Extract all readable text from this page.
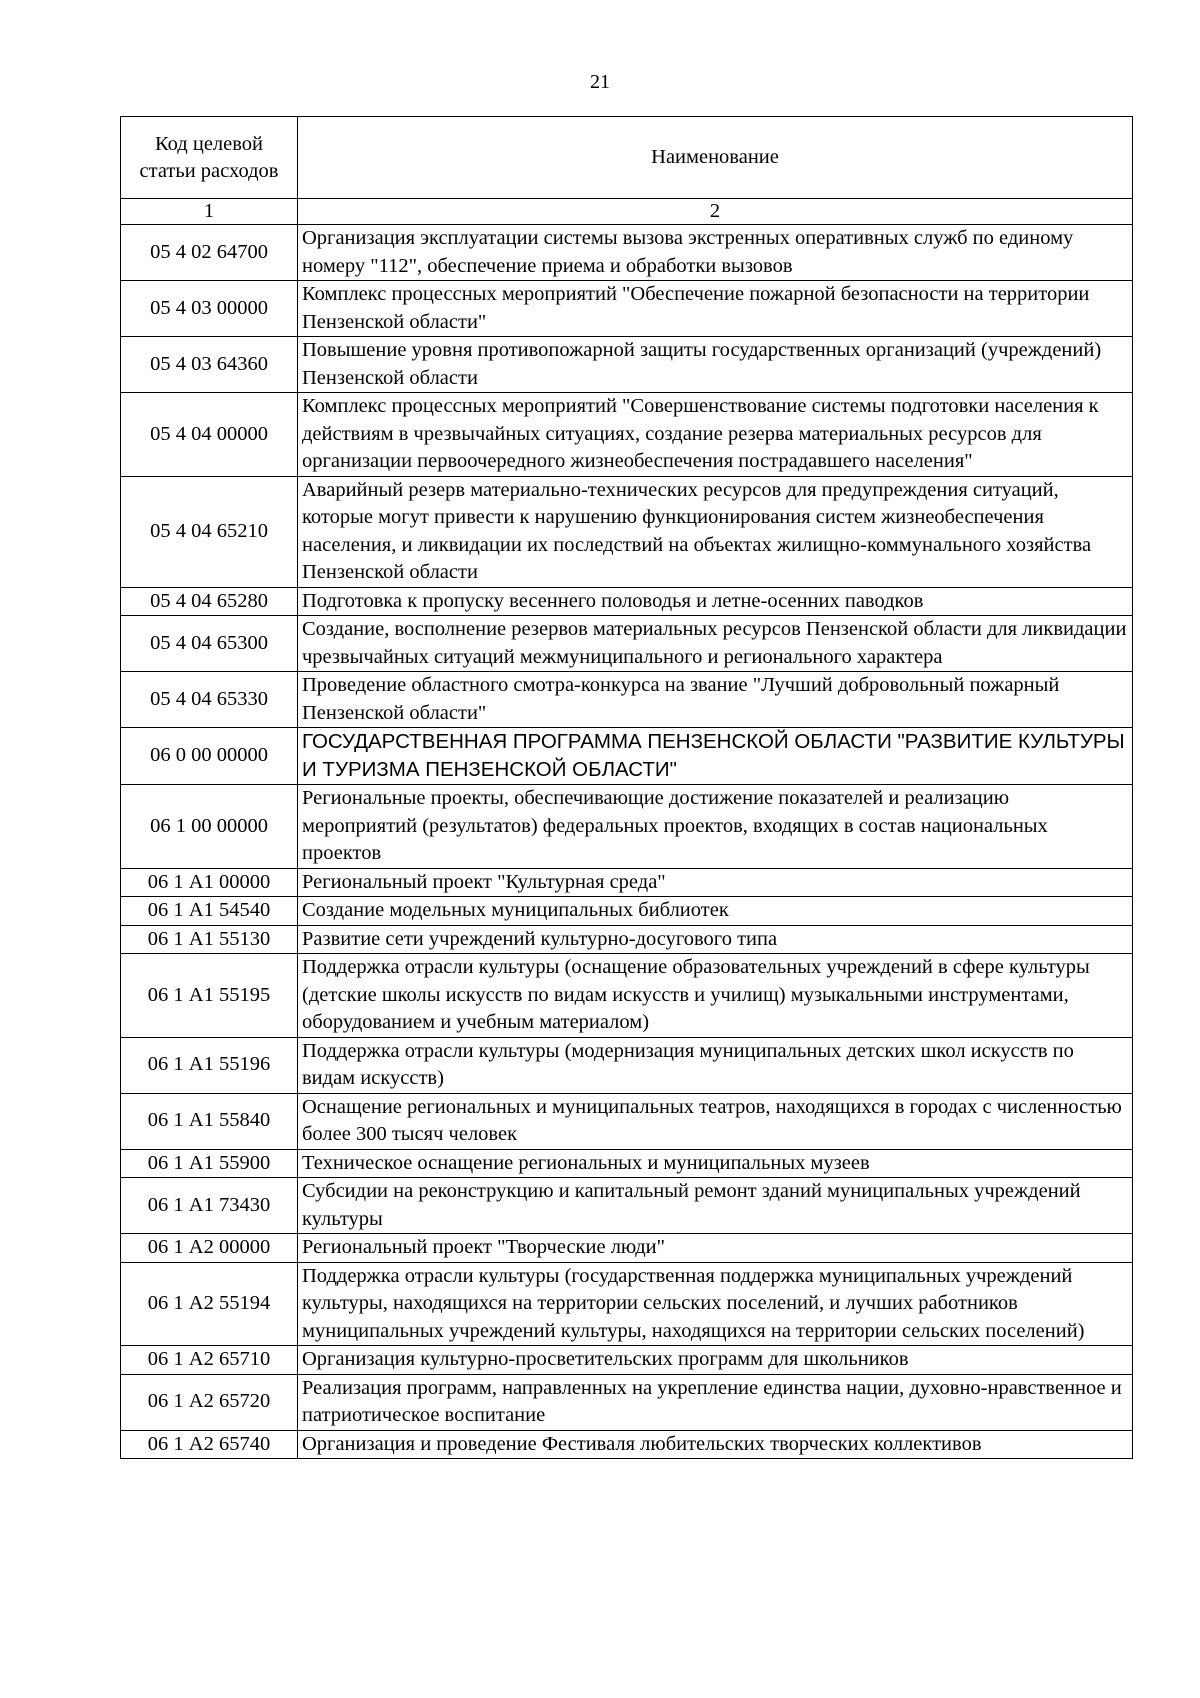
21
Код целевой статьи расходов	Наименование
1	2
05 4 02 64700	Организация эксплуатации системы вызова экстренных оперативных служб по единому номеру "112", обеспечение приема и обработки вызовов
05 4 03 00000	Комплекс процессных мероприятий "Обеспечение пожарной безопасности на территории Пензенской области"
05 4 03 64360	Повышение уровня противопожарной защиты государственных организаций (учреждений) Пензенской области
05 4 04 00000	Комплекс процессных мероприятий "Совершенствование системы подготовки населения к действиям в чрезвычайных ситуациях, создание резерва материальных ресурсов для организации первоочередного жизнеобеспечения пострадавшего населения"
05 4 04 65210	Аварийный резерв материально-технических ресурсов для предупреждения ситуаций, которые могут привести к нарушению функционирования систем жизнеобеспечения населения, и ликвидации их последствий на объектах жилищно-коммунального хозяйства Пензенской области
05 4 04 65280	Подготовка к пропуску весеннего половодья и летне-осенних паводков
05 4 04 65300	Создание, восполнение резервов материальных ресурсов Пензенской области для ликвидации чрезвычайных ситуаций межмуниципального и регионального характера
05 4 04 65330	Проведение областного смотра-конкурса на звание "Лучший добровольный пожарный Пензенской области"
06 0 00 00000	ГОСУДАРСТВЕННАЯ ПРОГРАММА ПЕНЗЕНСКОЙ ОБЛАСТИ "РАЗВИТИЕ КУЛЬТУРЫ И ТУРИЗМА ПЕНЗЕНСКОЙ ОБЛАСТИ"
06 1 00 00000	Региональные проекты, обеспечивающие достижение показателей и реализацию мероприятий (результатов) федеральных проектов, входящих в состав национальных проектов
06 1 А1 00000	Региональный проект "Культурная среда"
06 1 А1 54540	Создание модельных муниципальных библиотек
06 1 А1 55130	Развитие сети учреждений культурно-досугового типа
06 1 А1 55195	Поддержка отрасли культуры (оснащение образовательных учреждений в сфере культуры (детские школы искусств по видам искусств и училищ) музыкальными инструментами, оборудованием и учебным материалом)
06 1 А1 55196	Поддержка отрасли культуры (модернизация муниципальных детских школ искусств по видам искусств)
06 1 А1 55840	Оснащение региональных и муниципальных театров, находящихся в городах с численностью более 300 тысяч человек
06 1 А1 55900	Техническое оснащение региональных и муниципальных музеев
06 1 А1 73430	Субсидии на реконструкцию и капитальный ремонт зданий муниципальных учреждений культуры
06 1 А2 00000	Региональный проект "Творческие люди"
06 1 А2 55194	Поддержка отрасли культуры (государственная поддержка муниципальных учреждений культуры, находящихся на территории сельских поселений, и лучших работников муниципальных учреждений культуры, находящихся на территории сельских поселений)
06 1 А2 65710	Организация культурно-просветительских программ для школьников
06 1 А2 65720	Реализация программ, направленных на укрепление единства нации, духовно-нравственное и патриотическое воспитание
06 1 А2 65740	Организация и проведение Фестиваля любительских творческих коллективов
